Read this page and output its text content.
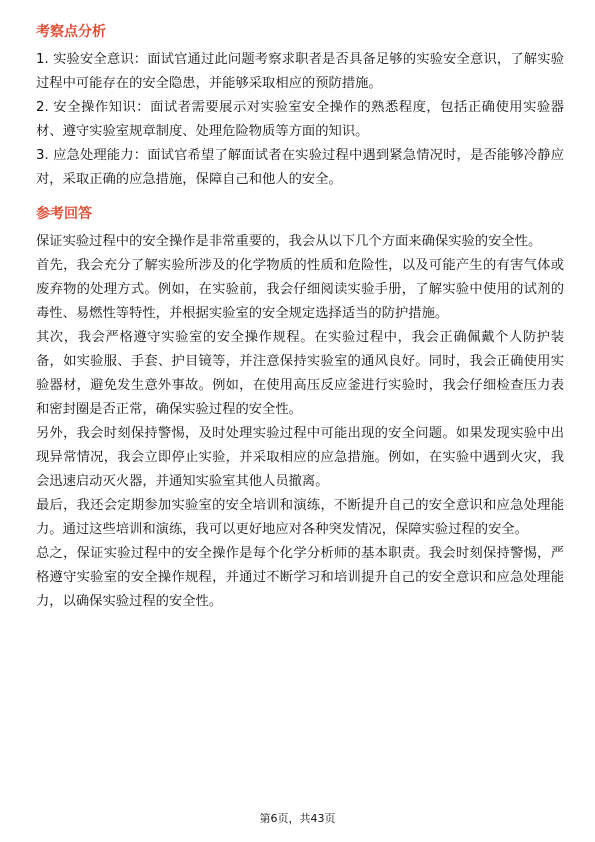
考察点分析

1. 实验安全意识：面试官通过此问题考察求职者是否具备足够的实验安全意识，了解实验过程中可能存在的安全隐患，并能够采取相应的预防措施。

2. 安全操作知识：面试者需要展示对实验室安全操作的熟悉程度，包括正确使用实验器材、遵守实验室规章制度、处理危险物质等方面的知识。

3. 应急处理能力：面试官希望了解面试者在实验过程中遇到紧急情况时，是否能够冷静应对，采取正确的应急措施，保障自己和他人的安全。

参考回答

保证实验过程中的安全操作是非常重要的，我会从以下几个方面来确保实验的安全性。

首先，我会充分了解实验所涉及的化学物质的性质和危险性，以及可能产生的有害气体或废弃物的处理方式。例如，在实验前，我会仔细阅读实验手册，了解实验中使用的试剂的毒性、易燃性等特性，并根据实验室的安全规定选择适当的防护措施。

其次，我会严格遵守实验室的安全操作规程。在实验过程中，我会正确佩戴个人防护装备，如实验服、手套、护目镜等，并注意保持实验室的通风良好。同时，我会正确使用实验器材，避免发生意外事故。例如，在使用高压反应釜进行实验时，我会仔细检查压力表和密封圈是否正常，确保实验过程的安全性。

另外，我会时刻保持警惕，及时处理实验过程中可能出现的安全问题。如果发现实验中出现异常情况，我会立即停止实验，并采取相应的应急措施。例如，在实验中遇到火灾，我会迅速启动灭火器，并通知实验室其他人员撤离。

最后，我还会定期参加实验室的安全培训和演练，不断提升自己的安全意识和应急处理能力。通过这些培训和演练，我可以更好地应对各种突发情况，保障实验过程的安全。

总之，保证实验过程中的安全操作是每个化学分析师的基本职责。我会时刻保持警惕，严格遵守实验室的安全操作规程，并通过不断学习和培训提升自己的安全意识和应急处理能力，以确保实验过程的安全性。

第6页，共43页
